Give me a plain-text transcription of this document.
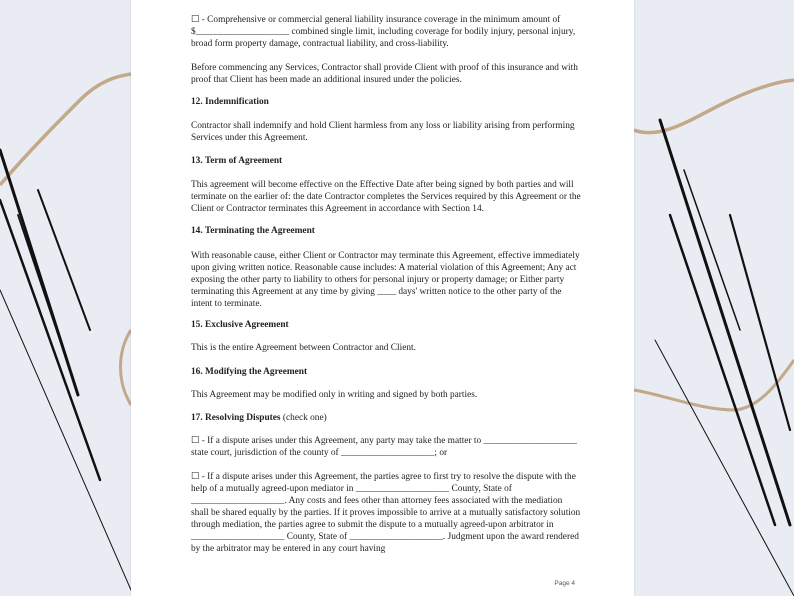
☐ - Comprehensive or commercial general liability insurance coverage in the minimum amount of $____________________ combined single limit, including coverage for bodily injury, personal injury, broad form property damage, contractual liability, and cross-liability.

Before commencing any Services, Contractor shall provide Client with proof of this insurance and with proof that Client has been made an additional insured under the policies.

12. Indemnification

Contractor shall indemnify and hold Client harmless from any loss or liability arising from performing Services under this Agreement.

13. Term of Agreement

This agreement will become effective on the Effective Date after being signed by both parties and will terminate on the earlier of: the date Contractor completes the Services required by this Agreement or the Client or Contractor terminates this Agreement in accordance with Section 14.

14. Terminating the Agreement

With reasonable cause, either Client or Contractor may terminate this Agreement, effective immediately upon giving written notice. Reasonable cause includes: A material violation of this Agreement; Any act exposing the other party to liability to others for personal injury or property damage; or Either party terminating this Agreement at any time by giving ____ days' written notice to the other party of the intent to terminate.

15. Exclusive Agreement

This is the entire Agreement between Contractor and Client.

16. Modifying the Agreement

This Agreement may be modified only in writing and signed by both parties.

17. Resolving Disputes (check one)

☐ - If a dispute arises under this Agreement, any party may take the matter to ____________________ state court, jurisdiction of the county of ____________________; or

☐ - If a dispute arises under this Agreement, the parties agree to first try to resolve the dispute with the help of a mutually agreed-upon mediator in ____________________ County, State of ____________________. Any costs and fees other than attorney fees associated with the mediation shall be shared equally by the parties. If it proves impossible to arrive at a mutually satisfactory solution through mediation, the parties agree to submit the dispute to a mutually agreed-upon arbitrator in ____________________ County, State of ____________________. Judgment upon the award rendered by the arbitrator may be entered in any court having

Page 4
